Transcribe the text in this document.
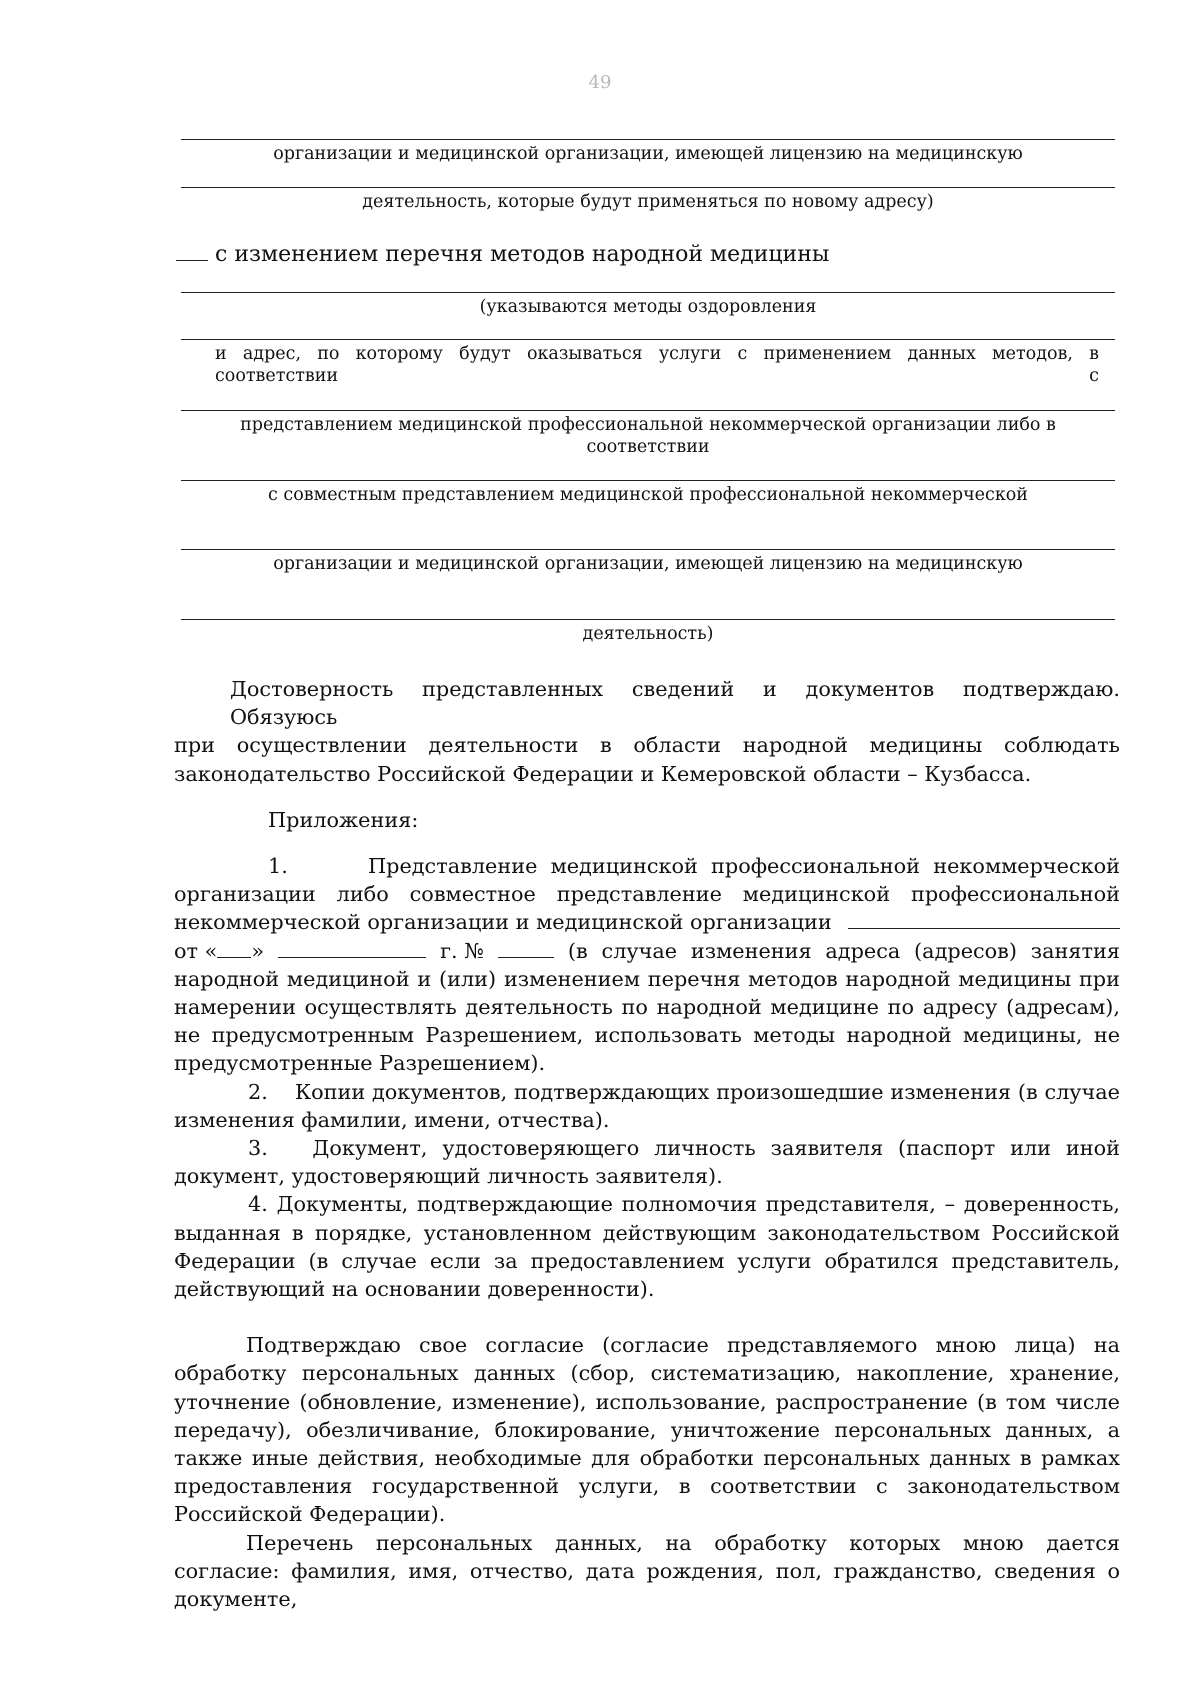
49
организации и медицинской организации, имеющей лицензию на медицинскую
деятельность, которые будут применяться по новому адресу)
с изменением перечня методов народной медицины
(указываются методы оздоровления
и адрес, по которому будут оказываться услуги с применением данных методов, в соответствии с
представлением медицинской профессиональной некоммерческой организации либо в соответствии
с совместным представлением медицинской профессиональной некоммерческой
организации и медицинской организации, имеющей лицензию на медицинскую
деятельность)

Достоверность представленных сведений и документов подтверждаю. Обязуюсь

при осуществлении деятельности в области народной медицины соблюдать

законодательство Российской Федерации и Кемеровской области – Кузбасса.

Приложения:

1.	Представление медицинской профессиональной некоммерческой

организации либо совместное представление медицинской профессиональной

некоммерческой организации и медицинской организации

от « »	г. №	(в случае изменения адреса (адресов) занятия

народной медициной и (или) изменением перечня методов народной медицины при намерении осуществлять деятельность по народной медицине по адресу (адресам), не предусмотренным Разрешением, использовать методы народной медицины, не предусмотренные Разрешением).

2. Копии документов, подтверждающих произошедшие изменения (в случае изменения фамилии, имени, отчества).

3. Документ, удостоверяющего личность заявителя (паспорт или иной документ, удостоверяющий личность заявителя).

4. Документы, подтверждающие полномочия представителя, – доверенность, выданная в порядке, установленном действующим законодательством Российской Федерации (в случае если за предоставлением услуги обратился представитель, действующий на основании доверенности).

Подтверждаю свое согласие (согласие представляемого мною лица) на обработку персональных данных (сбор, систематизацию, накопление, хранение, уточнение (обновление, изменение), использование, распространение (в том числе передачу), обезличивание, блокирование, уничтожение персональных данных, а также иные действия, необходимые для обработки персональных данных в рамках предоставления государственной услуги, в соответствии с законодательством Российской Федерации).

Перечень персональных данных, на обработку которых мною дается согласие: фамилия, имя, отчество, дата рождения, пол, гражданство, сведения о документе,
